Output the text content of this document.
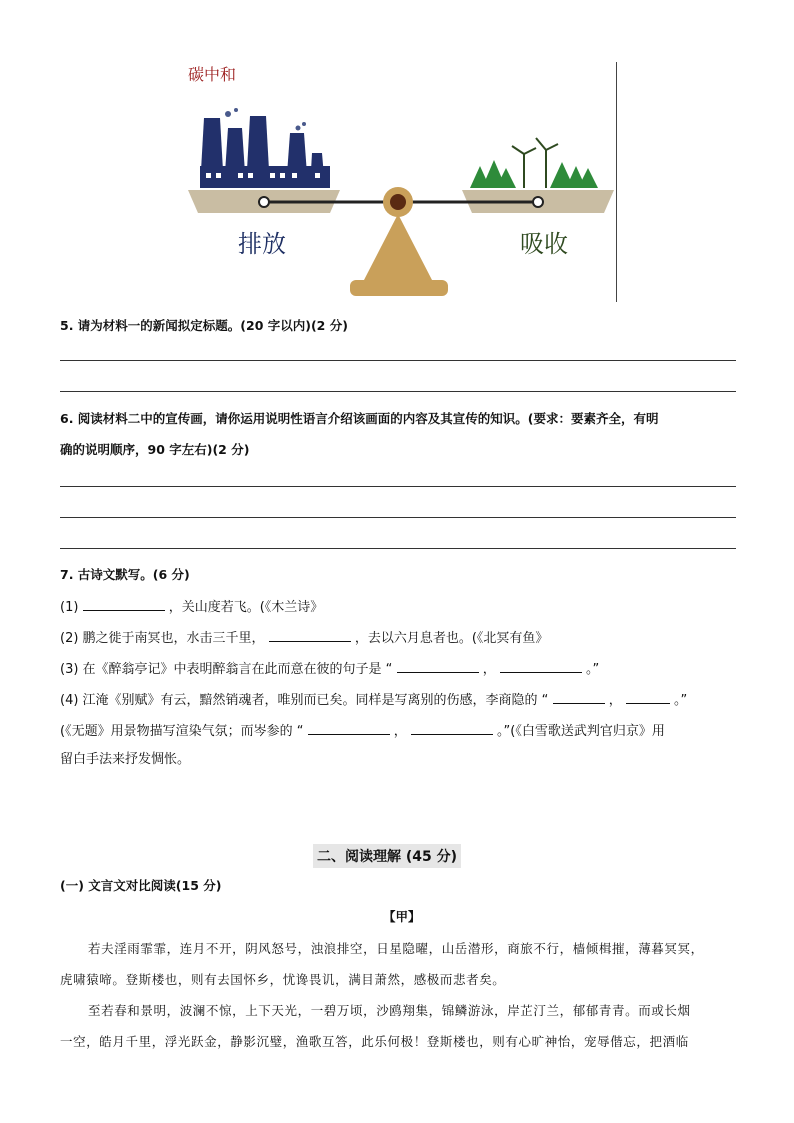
碳中和
排放	吸收
5. 请为材料一的新闻拟定标题。(20 字以内)(2 分)
6. 阅读材料二中的宣传画，请你运用说明性语言介绍该画面的内容及其宣传的知识。(要求：要素齐全，有明
确的说明顺序，90 字左右)(2 分)
7. 古诗文默写。(6 分)
(1)	，关山度若飞。(《木兰诗》
(2) 鹏之徙于南冥也，水击三千里，	，去以六月息者也。(《北冥有鱼》
(3) 在《醉翁亭记》中表明醉翁言在此而意在彼的句子是 “	，	。”
(4) 江淹《别赋》有云，黯然销魂者，唯别而已矣。同样是写离别的伤感，李商隐的 “	，	。”
(《无题》用景物描写渲染气氛；而岑参的 “	，	。”(《白雪歌送武判官归京》用
留白手法来抒发惆怅。
二、阅读理解 (45 分)
(一) 文言文对比阅读(15 分)
【甲】
若夫淫雨霏霏，连月不开，阴风怒号，浊浪排空，日星隐曜，山岳潜形，商旅不行，樯倾楫摧，薄暮冥冥，
虎啸猿啼。登斯楼也，则有去国怀乡，忧谗畏讥，满目萧然，感极而悲者矣。
至若春和景明，波澜不惊，上下天光，一碧万顷，沙鸥翔集，锦鳞游泳，岸芷汀兰，郁郁青青。而或长烟
一空，皓月千里，浮光跃金，静影沉璧，渔歌互答，此乐何极！登斯楼也，则有心旷神怡，宠辱偕忘，把酒临
